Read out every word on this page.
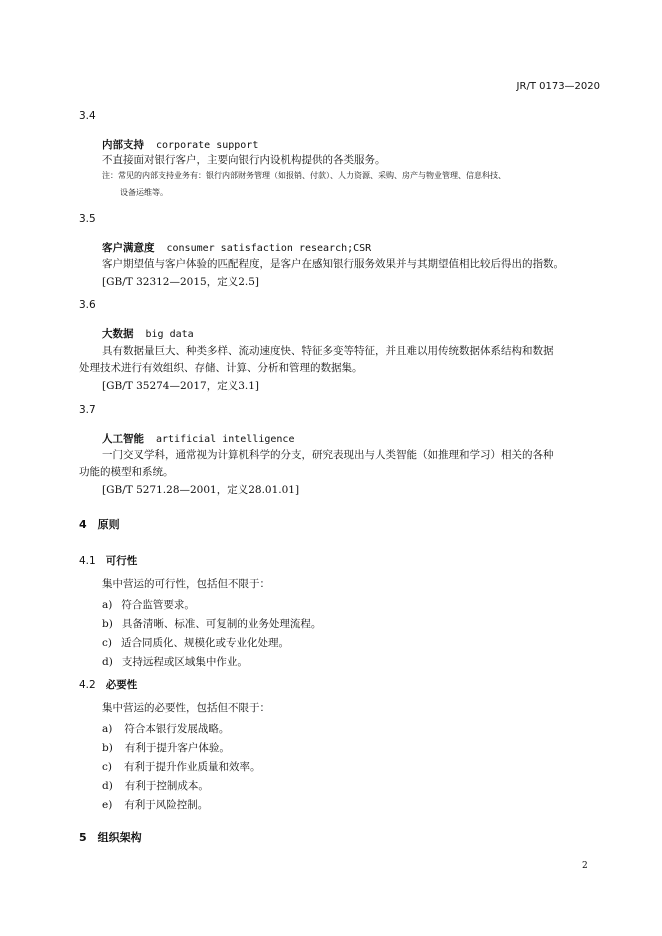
JR/T 0173—2020
3.4
内部支持 corporate support
不直接面对银行客户，主要向银行内设机构提供的各类服务。
注：常见的内部支持业务有：银行内部财务管理（如报销、付款）、人力资源、采购、房产与物业管理、信息科技、
设备运维等。
3.5
客户满意度 consumer satisfaction research;CSR
客户期望值与客户体验的匹配程度，是客户在感知银行服务效果并与其期望值相比较后得出的指数。
[GB/T 32312—2015，定义2.5]
3.6
大数据 big data
具有数据量巨大、种类多样、流动速度快、特征多变等特征，并且难以用传统数据体系结构和数据
处理技术进行有效组织、存储、计算、分析和管理的数据集。
[GB/T 35274—2017，定义3.1]
3.7
人工智能 artificial intelligence
一门交叉学科，通常视为计算机科学的分支，研究表现出与人类智能（如推理和学习）相关的各种
功能的模型和系统。
[GB/T 5271.28—2001，定义28.01.01]
4 原则
4.1 可行性
集中营运的可行性，包括但不限于：
a) 符合监管要求。
b) 具备清晰、标准、可复制的业务处理流程。
c) 适合同质化、规模化或专业化处理。
d) 支持远程或区域集中作业。
4.2 必要性
集中营运的必要性，包括但不限于：
a) 符合本银行发展战略。
b) 有利于提升客户体验。
c) 有利于提升作业质量和效率。
d) 有利于控制成本。
e) 有利于风险控制。
5 组织架构
2
